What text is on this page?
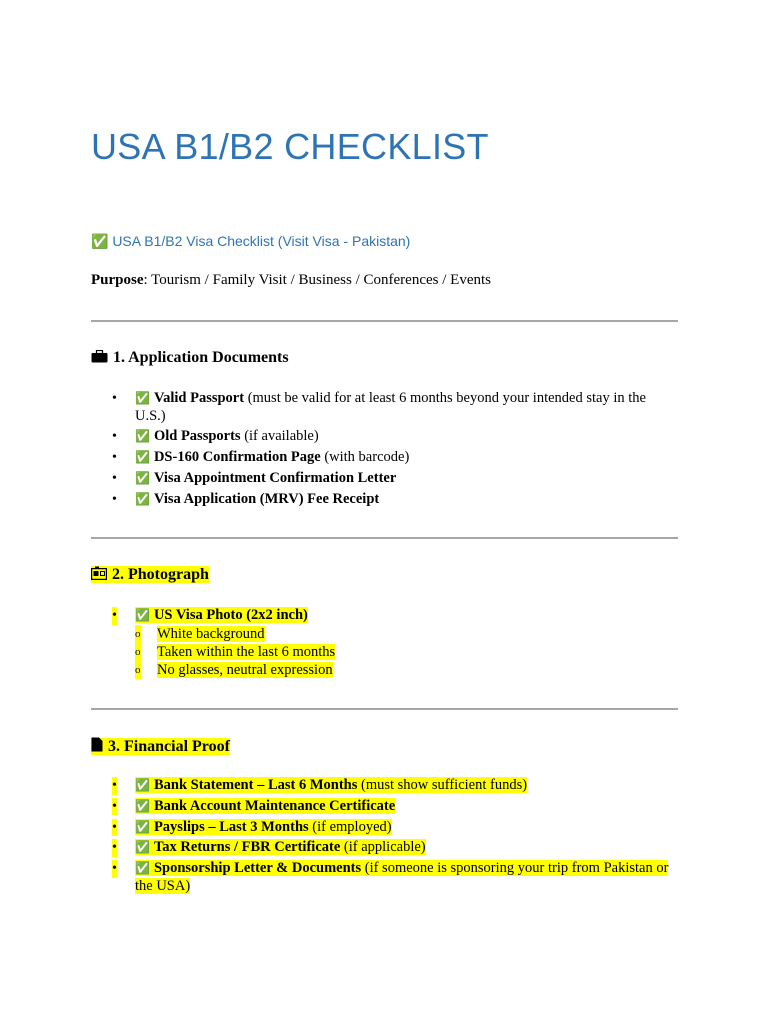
USA B1/B2 CHECKLIST
✅ USA B1/B2 Visa Checklist (Visit Visa - Pakistan)
Purpose: Tourism / Family Visit / Business / Conferences / Events
1. Application Documents
• ✅ Valid Passport (must be valid for at least 6 months beyond your intended stay in the U.S.)
• ✅ Old Passports (if available)
• ✅ DS-160 Confirmation Page (with barcode)
• ✅ Visa Appointment Confirmation Letter
• ✅ Visa Application (MRV) Fee Receipt
2. Photograph
• ✅ US Visa Photo (2x2 inch)
o White background
o Taken within the last 6 months
o No glasses, neutral expression
3. Financial Proof
• ✅ Bank Statement – Last 6 Months (must show sufficient funds)
• ✅ Bank Account Maintenance Certificate
• ✅ Payslips – Last 3 Months (if employed)
• ✅ Tax Returns / FBR Certificate (if applicable)
• ✅ Sponsorship Letter & Documents (if someone is sponsoring your trip from Pakistan or the USA)
